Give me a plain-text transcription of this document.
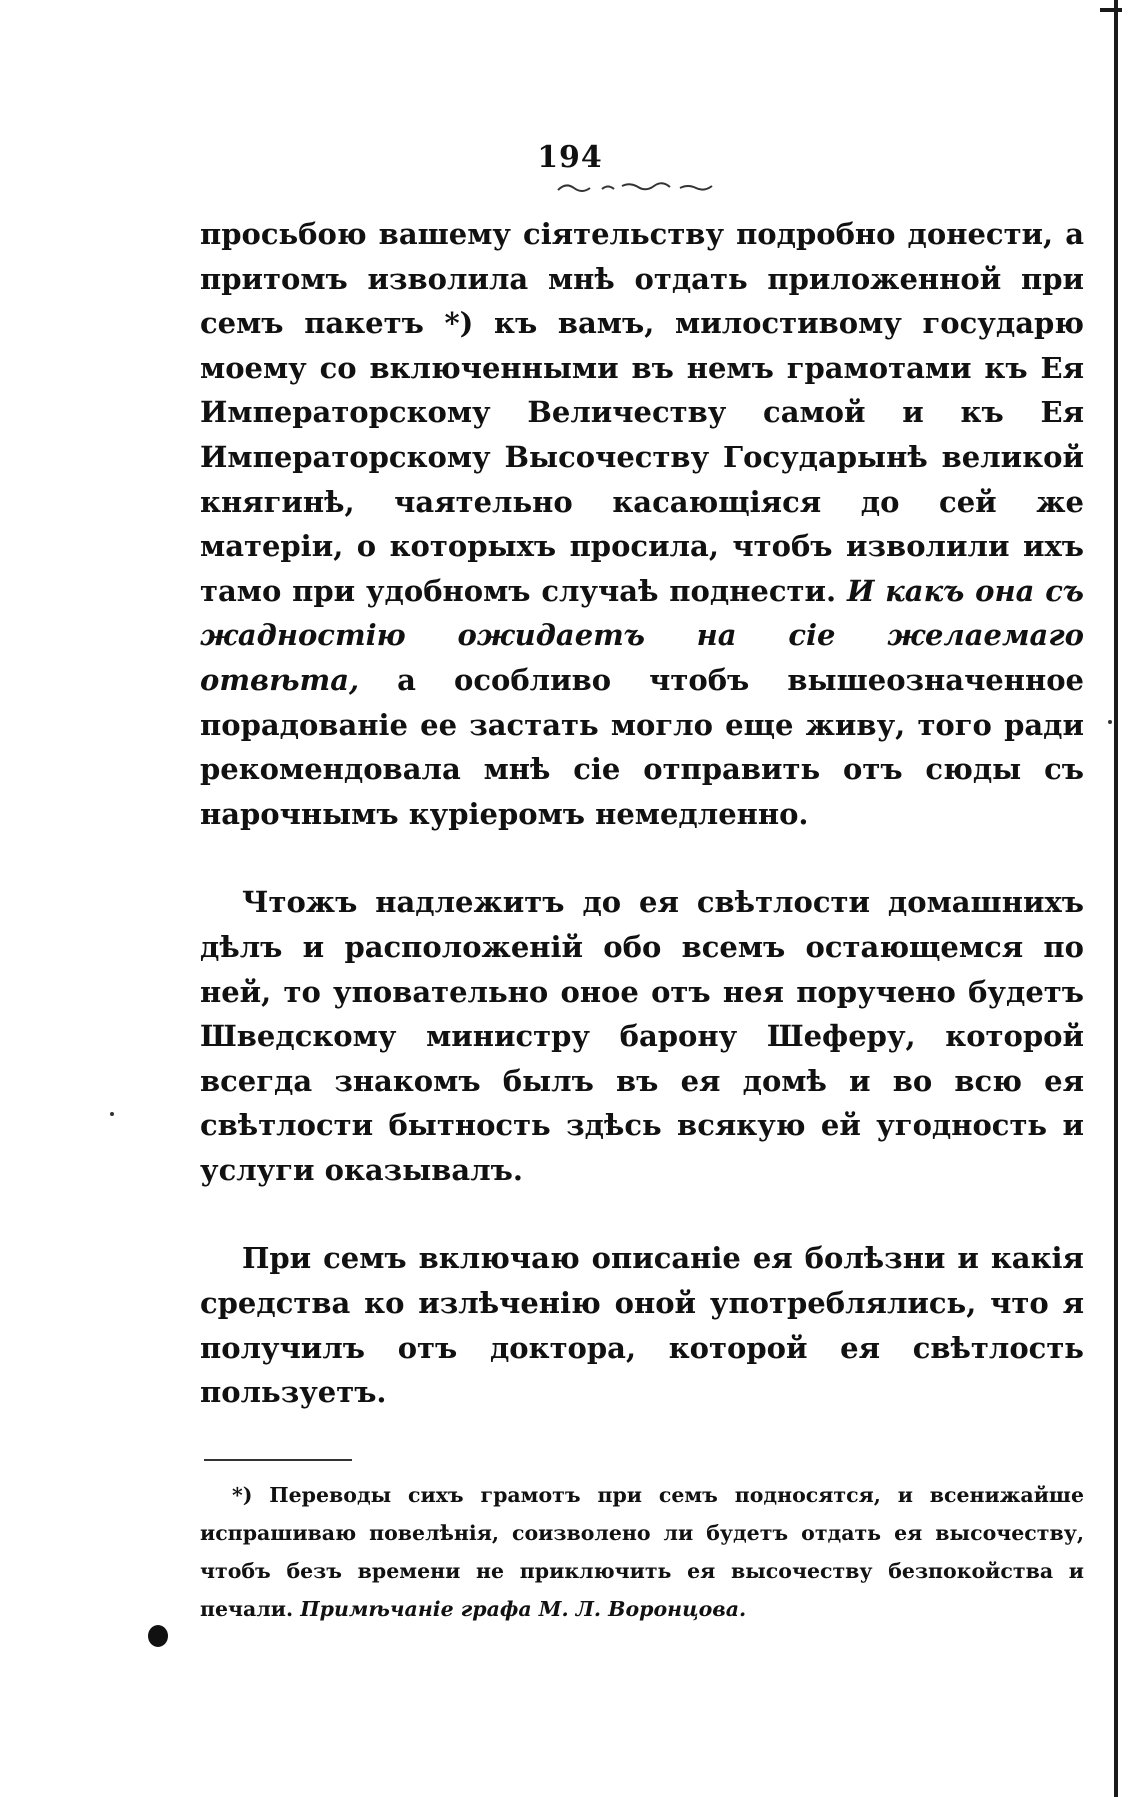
194

просьбою вашему сіятельству подробно донести, а притомъ изволила мнѣ отдать приложенной при семъ пакетъ *) къ вамъ, милостивому государю моему со включенными въ немъ грамотами къ Ея Императорскому Величеству самой и къ Ея Императорскому Высочеству Государынѣ великой княгинѣ, чаятельно касающіяся до сей же матеріи, о которыхъ просила, чтобъ изволили ихъ тамо при удобномъ случаѣ поднести. И какъ она съ жадностію ожидаетъ на сіе желаемаго отвѣта, а особливо чтобъ вышеозначенное порадованіе ее застать могло еще живу, того ради рекомендовала мнѣ сіе отправить отъ сюды съ нарочнымъ куріеромъ немедленно.

Чтожъ надлежитъ до ея свѣтлости домашнихъ дѣлъ и расположеній обо всемъ остающемся по ней, то уповательно оное отъ нея поручено будетъ Шведскому министру барону Шеферу, которой всегда знакомъ былъ въ ея домѣ и во всю ея свѣтлости бытность здѣсь всякую ей угодность и услуги оказывалъ.

При семъ включаю описаніе ея болѣзни и какія средства ко излѣченію оной употреблялись, что я получилъ отъ доктора, которой ея свѣтлость пользуетъ.

*) Переводы сихъ грамотъ при семъ подносятся, и всенижайше испрашиваю повелѣнія, соизволено ли будетъ отдать ея высочеству, чтобъ безъ времени не приключить ея высочеству безпокойства и печали. Примѣчаніе графа М. Л. Воронцова.
